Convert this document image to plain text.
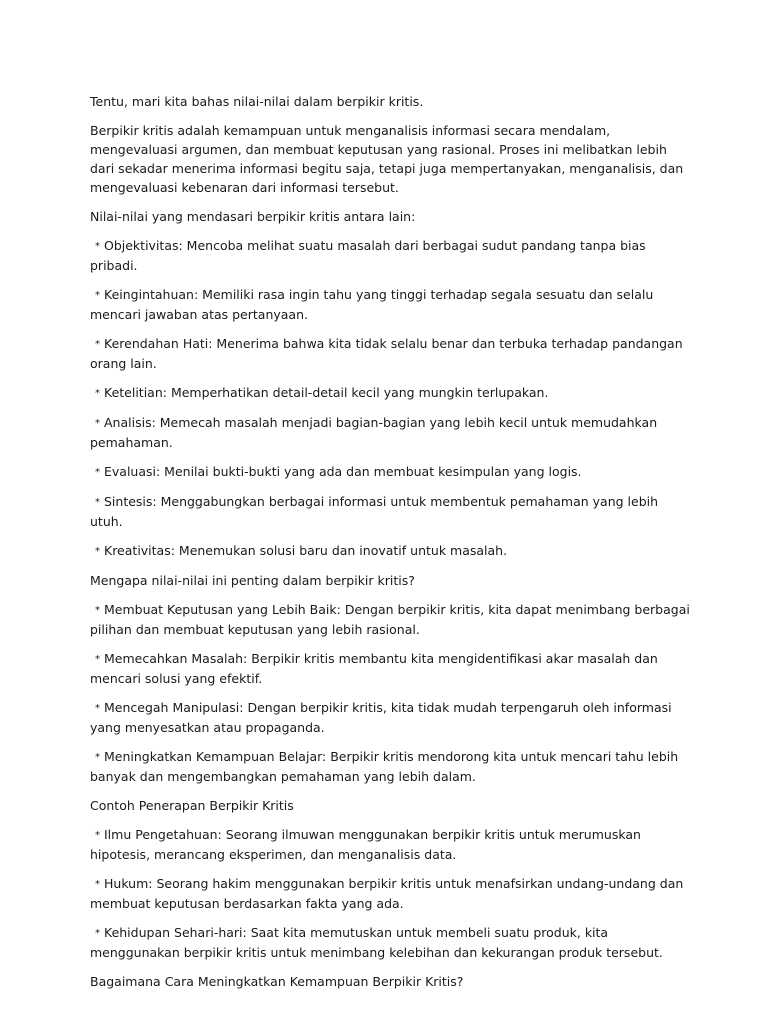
Tentu, mari kita bahas nilai-nilai dalam berpikir kritis.

Berpikir kritis adalah kemampuan untuk menganalisis informasi secara mendalam, mengevaluasi argumen, dan membuat keputusan yang rasional. Proses ini melibatkan lebih dari sekadar menerima informasi begitu saja, tetapi juga mempertanyakan, menganalisis, dan mengevaluasi kebenaran dari informasi tersebut.

Nilai-nilai yang mendasari berpikir kritis antara lain:

* Objektivitas: Mencoba melihat suatu masalah dari berbagai sudut pandang tanpa bias pribadi.
* Keingintahuan: Memiliki rasa ingin tahu yang tinggi terhadap segala sesuatu dan selalu mencari jawaban atas pertanyaan.
* Kerendahan Hati: Menerima bahwa kita tidak selalu benar dan terbuka terhadap pandangan orang lain.
* Ketelitian: Memperhatikan detail-detail kecil yang mungkin terlupakan.
* Analisis: Memecah masalah menjadi bagian-bagian yang lebih kecil untuk memudahkan pemahaman.
* Evaluasi: Menilai bukti-bukti yang ada dan membuat kesimpulan yang logis.
* Sintesis: Menggabungkan berbagai informasi untuk membentuk pemahaman yang lebih utuh.
* Kreativitas: Menemukan solusi baru dan inovatif untuk masalah.

Mengapa nilai-nilai ini penting dalam berpikir kritis?

* Membuat Keputusan yang Lebih Baik: Dengan berpikir kritis, kita dapat menimbang berbagai pilihan dan membuat keputusan yang lebih rasional.
* Memecahkan Masalah: Berpikir kritis membantu kita mengidentifikasi akar masalah dan mencari solusi yang efektif.
* Mencegah Manipulasi: Dengan berpikir kritis, kita tidak mudah terpengaruh oleh informasi yang menyesatkan atau propaganda.
* Meningkatkan Kemampuan Belajar: Berpikir kritis mendorong kita untuk mencari tahu lebih banyak dan mengembangkan pemahaman yang lebih dalam.

Contoh Penerapan Berpikir Kritis

* Ilmu Pengetahuan: Seorang ilmuwan menggunakan berpikir kritis untuk merumuskan hipotesis, merancang eksperimen, dan menganalisis data.
* Hukum: Seorang hakim menggunakan berpikir kritis untuk menafsirkan undang-undang dan membuat keputusan berdasarkan fakta yang ada.
* Kehidupan Sehari-hari: Saat kita memutuskan untuk membeli suatu produk, kita menggunakan berpikir kritis untuk menimbang kelebihan dan kekurangan produk tersebut.

Bagaimana Cara Meningkatkan Kemampuan Berpikir Kritis?
